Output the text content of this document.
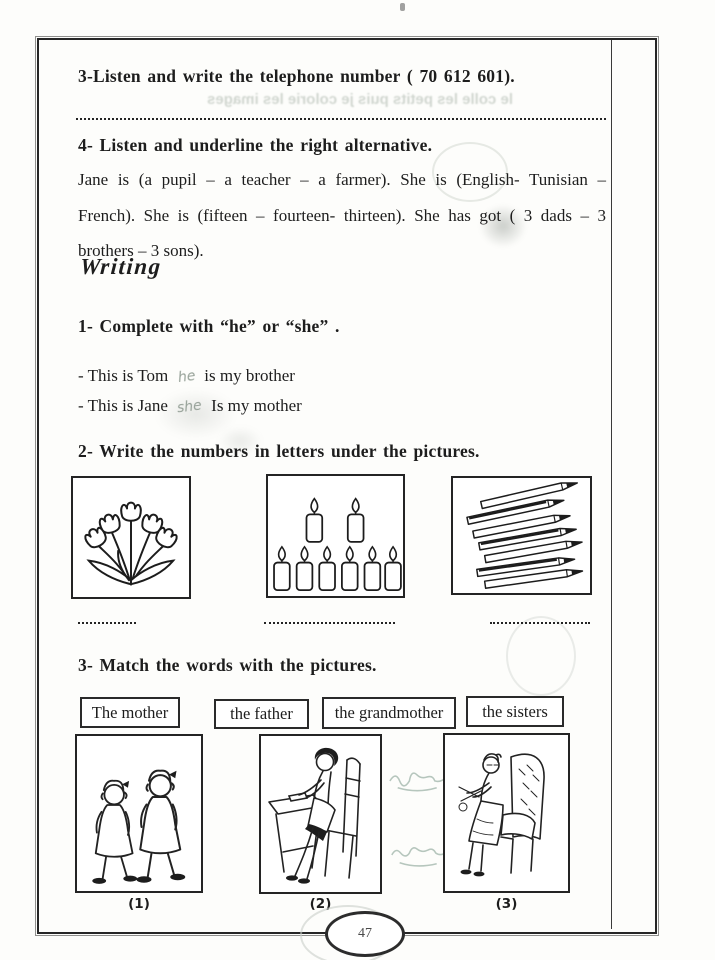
le colle les petits puis je colorie les images
3-Listen and write the telephone number ( 70 612 601).
4- Listen and underline the right alternative.
Jane is (a pupil – a teacher – a farmer). She is (English- Tunisian –
French). She is (fifteen – fourteen- thirteen). She has got ( 3 dads – 3
brothers – 3 sons).
Writing
1- Complete with “he” or “she” .
- This is Tom he is my brother
- This is Jane she Is my mother
2- Write the numbers in letters under the pictures.
3- Match the words with the pictures.
The mother	the father	the grandmother	the sisters
(1)	(2)	(3)
47
